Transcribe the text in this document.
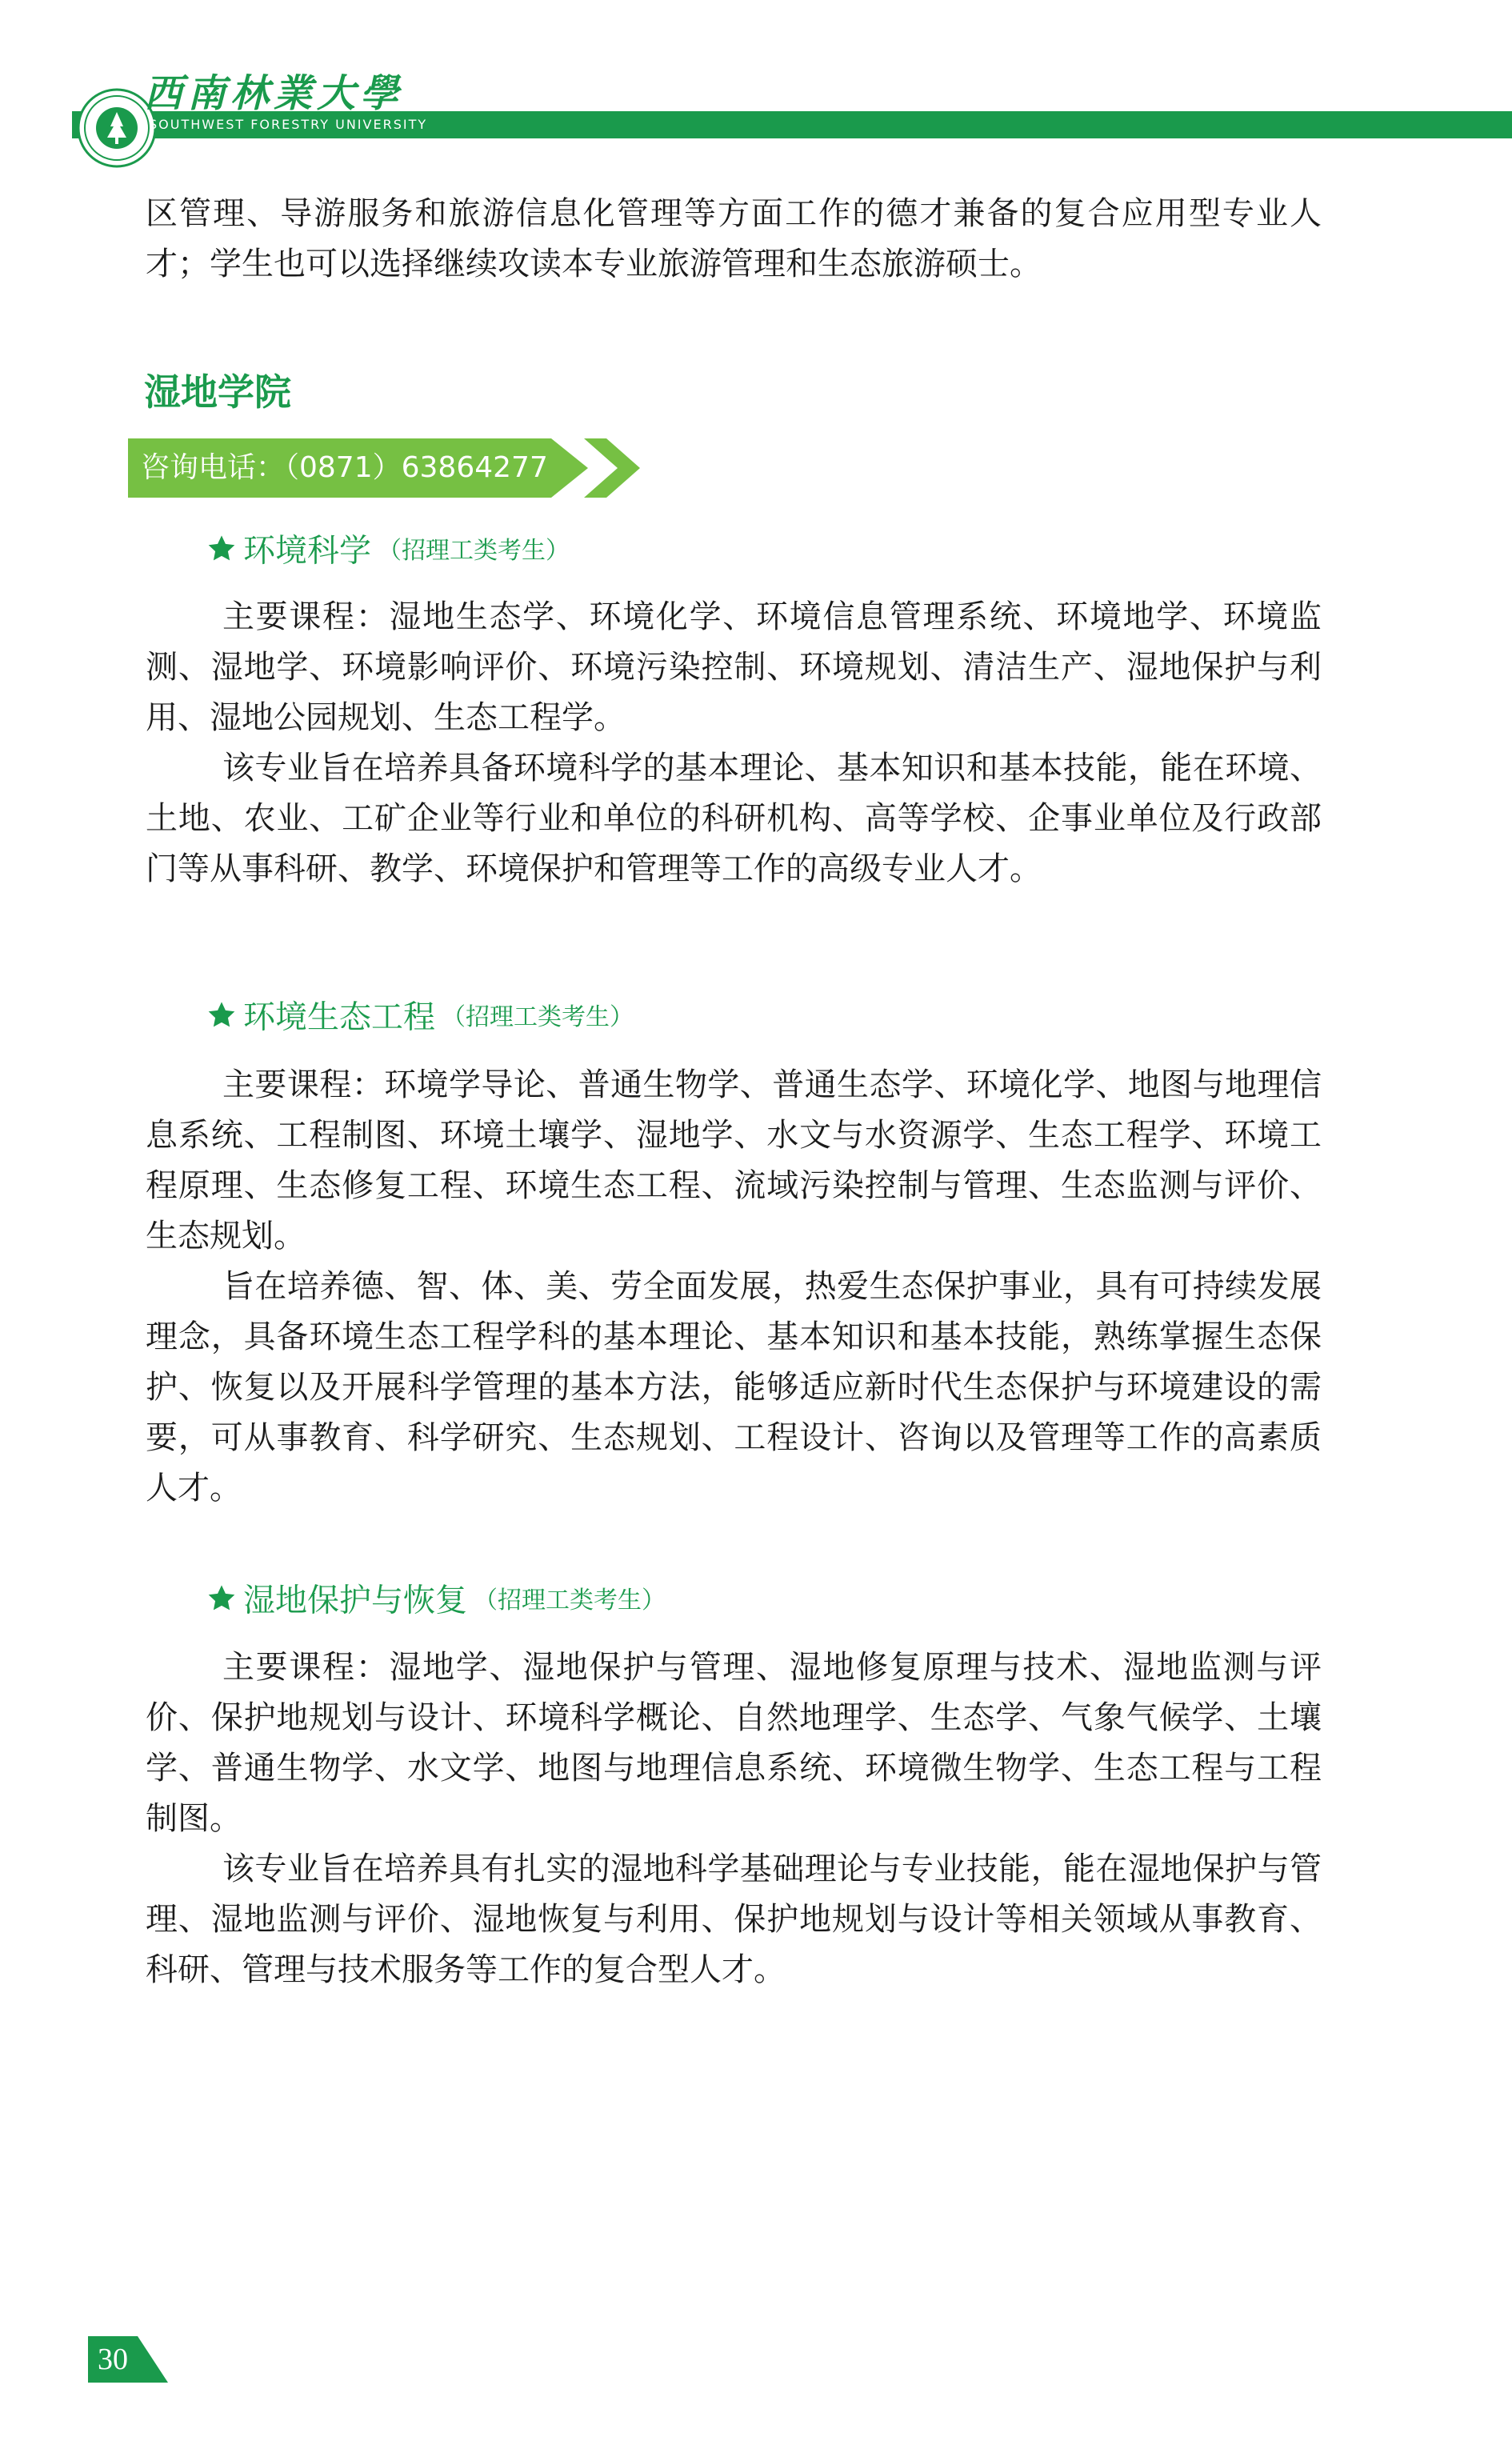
西南林業大學
SOUTHWEST FORESTRY UNIVERSITY
区管理、导游服务和旅游信息化管理等方面工作的德才兼备的复合应用型专业人才；学生也可以选择继续攻读本专业旅游管理和生态旅游硕士。
湿地学院
咨询电话：（0871）63864277
环境科学 （招理工类考生）
主要课程：湿地生态学、环境化学、环境信息管理系统、环境地学、环境监测、湿地学、环境影响评价、环境污染控制、环境规划、清洁生产、湿地保护与利用、湿地公园规划、生态工程学。
该专业旨在培养具备环境科学的基本理论、基本知识和基本技能，能在环境、土地、农业、工矿企业等行业和单位的科研机构、高等学校、企事业单位及行政部门等从事科研、教学、环境保护和管理等工作的高级专业人才。
环境生态工程 （招理工类考生）
主要课程：环境学导论、普通生物学、普通生态学、环境化学、地图与地理信息系统、工程制图、环境土壤学、湿地学、水文与水资源学、生态工程学、环境工程原理、生态修复工程、环境生态工程、流域污染控制与管理、生态监测与评价、生态规划。
旨在培养德、智、体、美、劳全面发展，热爱生态保护事业，具有可持续发展理念，具备环境生态工程学科的基本理论、基本知识和基本技能，熟练掌握生态保护、恢复以及开展科学管理的基本方法，能够适应新时代生态保护与环境建设的需要，可从事教育、科学研究、生态规划、工程设计、咨询以及管理等工作的高素质人才。
湿地保护与恢复 （招理工类考生）
主要课程：湿地学、湿地保护与管理、湿地修复原理与技术、湿地监测与评价、保护地规划与设计、环境科学概论、自然地理学、生态学、气象气候学、土壤学、普通生物学、水文学、地图与地理信息系统、环境微生物学、生态工程与工程制图。
该专业旨在培养具有扎实的湿地科学基础理论与专业技能，能在湿地保护与管理、湿地监测与评价、湿地恢复与利用、保护地规划与设计等相关领域从事教育、科研、管理与技术服务等工作的复合型人才。
30
